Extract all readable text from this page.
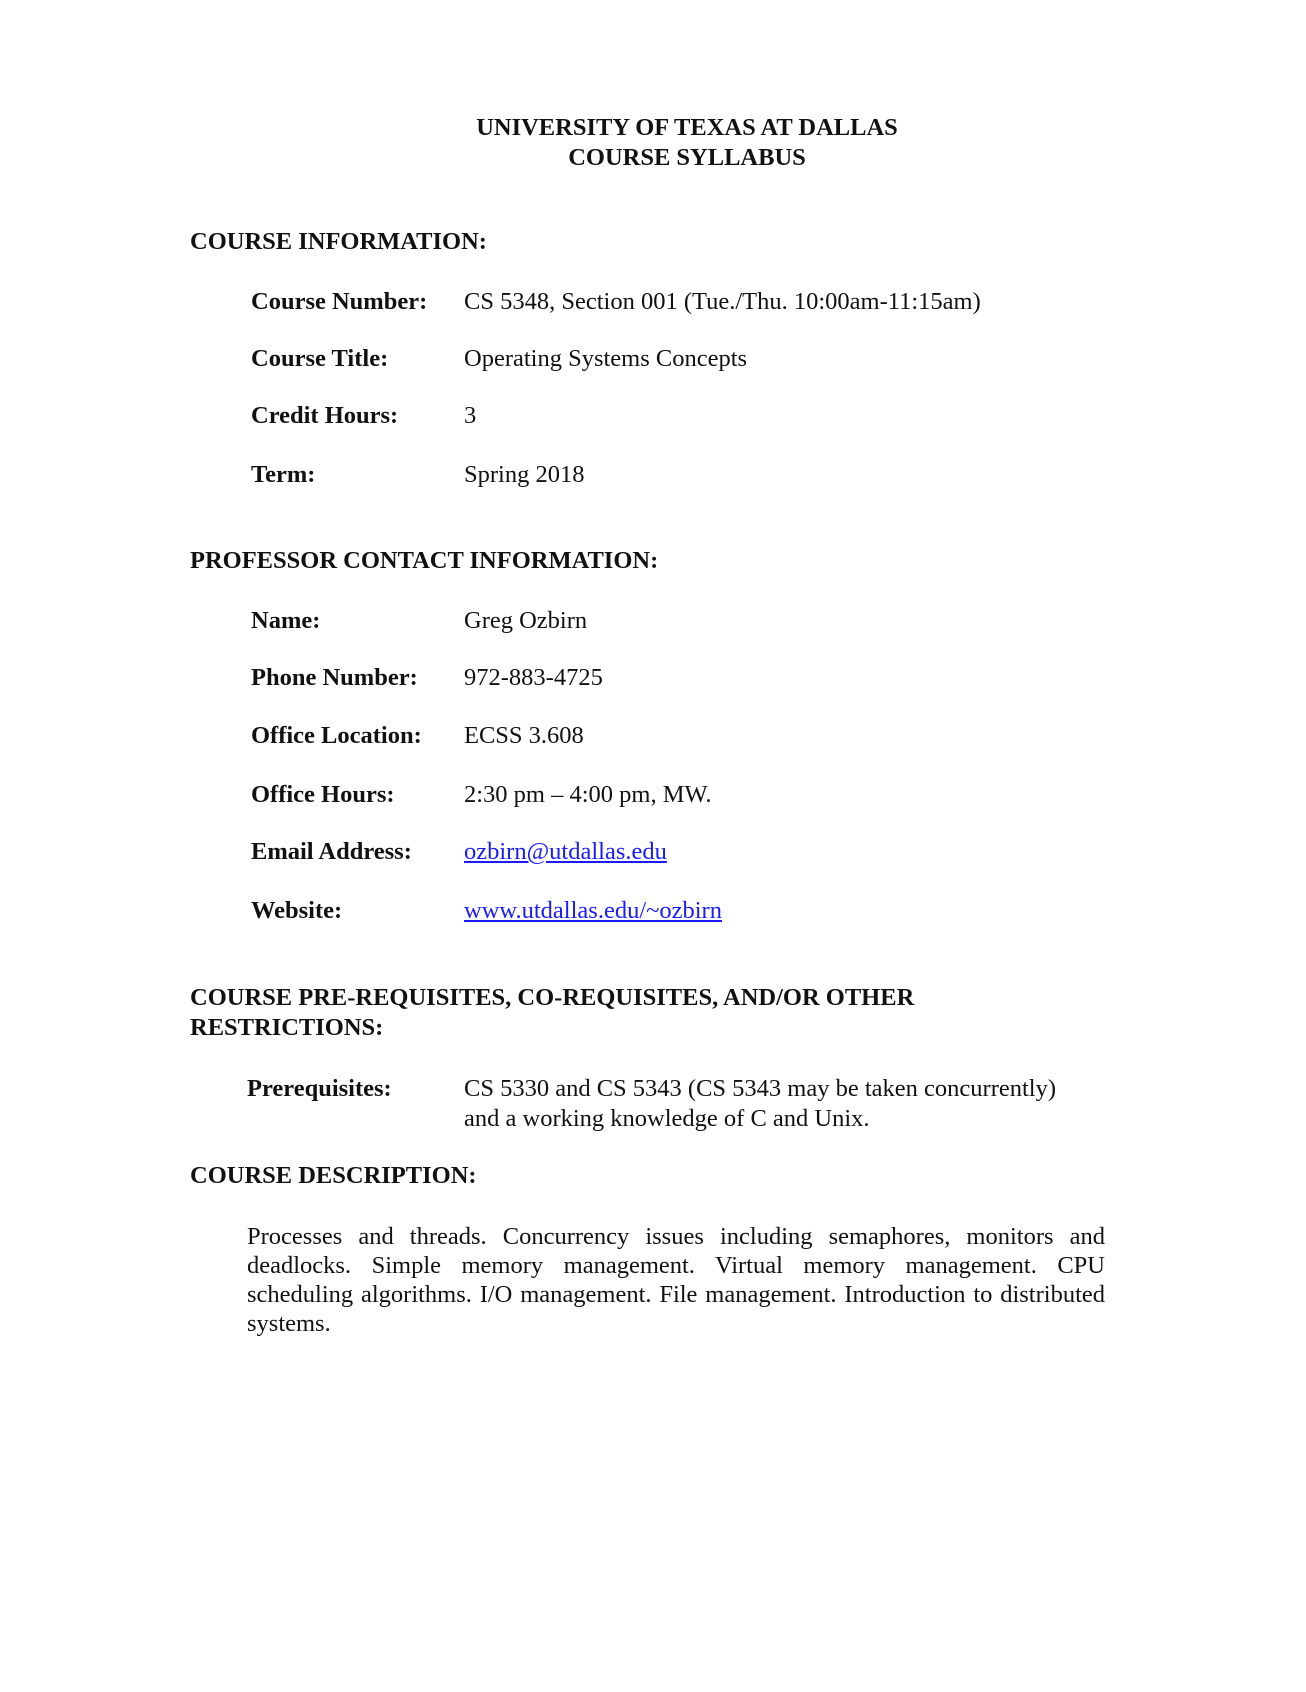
UNIVERSITY OF TEXAS AT DALLAS
COURSE SYLLABUS
COURSE INFORMATION:
Course Number: CS 5348, Section 001 (Tue./Thu. 10:00am-11:15am)
Course Title:	Operating Systems Concepts
Credit Hours:	3
Term:	Spring 2018
PROFESSOR CONTACT INFORMATION:
Name:	Greg Ozbirn
Phone Number: 972-883-4725
Office Location: ECSS 3.608
Office Hours:	2:30 pm – 4:00 pm, MW.
Email Address: ozbirn@utdallas.edu
Website:	www.utdallas.edu/~ozbirn
COURSE PRE-REQUISITES, CO-REQUISITES, AND/OR OTHER
RESTRICTIONS:
Prerequisites:	CS 5330 and CS 5343 (CS 5343 may be taken concurrently)
and a working knowledge of C and Unix.
COURSE DESCRIPTION:
Processes and threads. Concurrency issues including semaphores, monitors and deadlocks. Simple memory management. Virtual memory management. CPU scheduling algorithms. I/O management. File management. Introduction to distributed systems.
